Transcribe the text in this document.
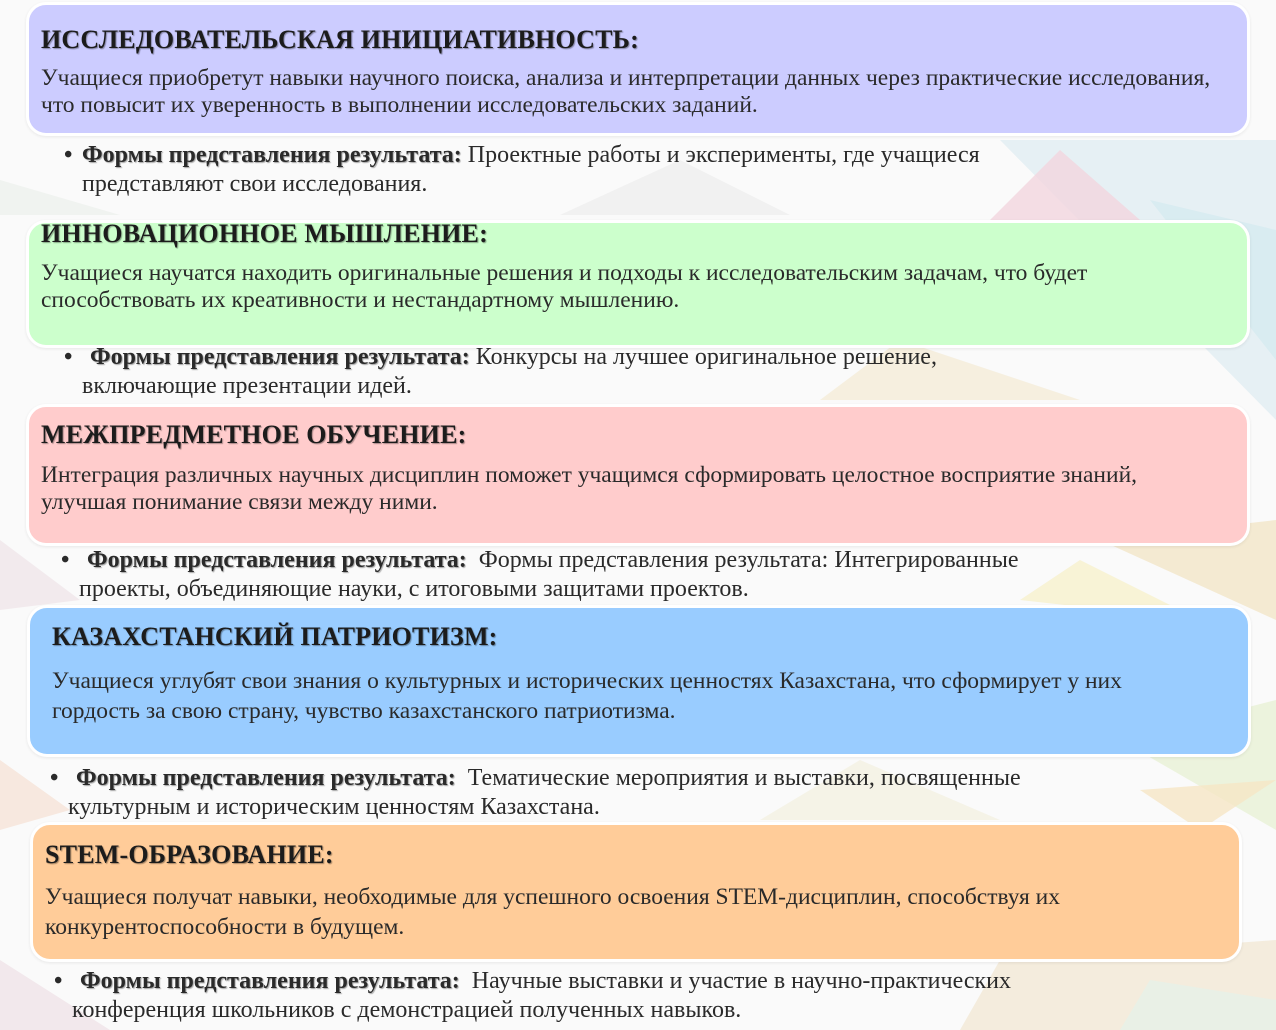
ИССЛЕДОВАТЕЛЬСКАЯ ИНИЦИАТИВНОСТЬ:

Учащиеся приобретут навыки научного поиска, анализа и интерпретации данных через практические исследования, что повысит их уверенность в выполнении исследовательских заданий.

• Формы представления результата: Проектные работы и эксперименты, где учащиеся
представляют свои исследования.

ИННОВАЦИОННОЕ МЫШЛЕНИЕ:

Учащиеся научатся находить оригинальные решения и подходы к исследовательским задачам, что будет способствовать их креативности и нестандартному мышлению.

• Формы представления результата: Конкурсы на лучшее оригинальное решение,
включающие презентации идей.

МЕЖПРЕДМЕТНОЕ ОБУЧЕНИЕ:

Интеграция различных научных дисциплин поможет учащимся сформировать целостное восприятие знаний, улучшая понимание связи между ними.

• Формы представления результата:  Формы представления результата: Интегрированные
проекты, объединяющие науки, с итоговыми защитами проектов.

КАЗАХСТАНСКИЙ ПАТРИОТИЗМ:

Учащиеся углубят свои знания о культурных и исторических ценностях Казахстана, что сформирует у них гордость за свою страну, чувство казахстанского патриотизма.

• Формы представления результата:  Тематические мероприятия и выставки, посвященные
культурным и историческим ценностям Казахстана.

STEM-ОБРАЗОВАНИЕ:

Учащиеся получат навыки, необходимые для успешного освоения STEM-дисциплин, способствуя их конкурентоспособности в будущем.

• Формы представления результата:  Научные выставки и участие в научно-практических
конференция школьников с демонстрацией полученных навыков.
